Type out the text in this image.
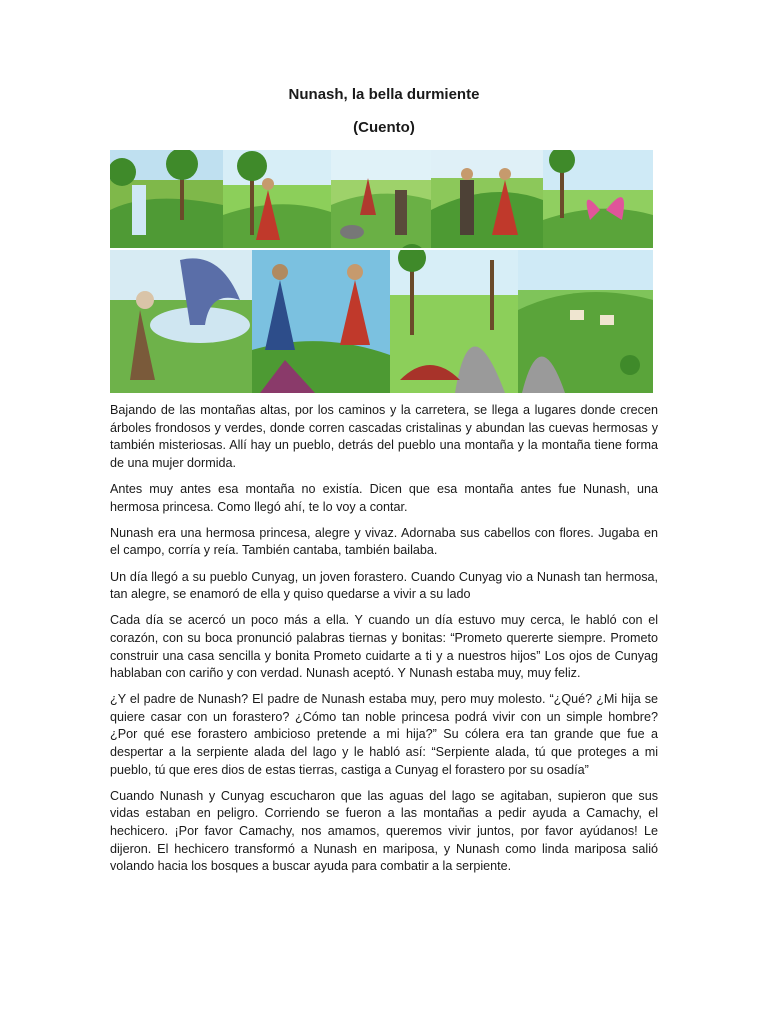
Nunash, la bella durmiente
(Cuento)

Bajando de las montañas altas, por los caminos y la carretera, se llega a lugares donde crecen árboles frondosos y verdes, donde corren cascadas cristalinas y abundan las cuevas hermosas y también misteriosas. Allí hay un pueblo, detrás del pueblo una montaña y la montaña tiene forma de una mujer dormida.

Antes muy antes esa montaña no existía. Dicen que esa montaña antes fue Nunash, una hermosa princesa. Como llegó ahí, te lo voy a contar.

Nunash era una hermosa princesa, alegre y vivaz. Adornaba sus cabellos con flores. Jugaba en el campo, corría y reía. También cantaba, también bailaba.

Un día llegó a su pueblo Cunyag, un joven forastero. Cuando Cunyag vio a Nunash tan hermosa, tan alegre, se enamoró de ella y quiso quedarse a vivir a su lado

Cada día se acercó un poco más a ella. Y cuando un día estuvo muy cerca, le habló con el corazón, con su boca pronunció palabras tiernas y bonitas: “Prometo quererte siempre. Prometo construir una casa sencilla y bonita Prometo cuidarte a ti y a nuestros hijos” Los ojos de Cunyag hablaban con cariño y con verdad. Nunash aceptó. Y Nunash estaba muy, muy feliz.

¿Y el padre de Nunash? El padre de Nunash estaba muy, pero muy molesto. “¿Qué? ¿Mi hija se quiere casar con un forastero? ¿Cómo tan noble princesa podrá vivir con un simple hombre? ¿Por qué ese forastero ambicioso pretende a mi hija?” Su cólera era tan grande que fue a despertar a la serpiente alada del lago y le habló así: “Serpiente alada, tú que proteges a mi pueblo, tú que eres dios de estas tierras, castiga a Cunyag el forastero por su osadía”

Cuando Nunash y Cunyag escucharon que las aguas del lago se agitaban, supieron que sus vidas estaban en peligro. Corriendo se fueron a las montañas a pedir ayuda a Camachy, el hechicero. ¡Por favor Camachy, nos amamos, queremos vivir juntos, por favor ayúdanos! Le dijeron. El hechicero transformó a Nunash en mariposa, y Nunash como linda mariposa salió volando hacia los bosques a buscar ayuda para combatir a la serpiente.
